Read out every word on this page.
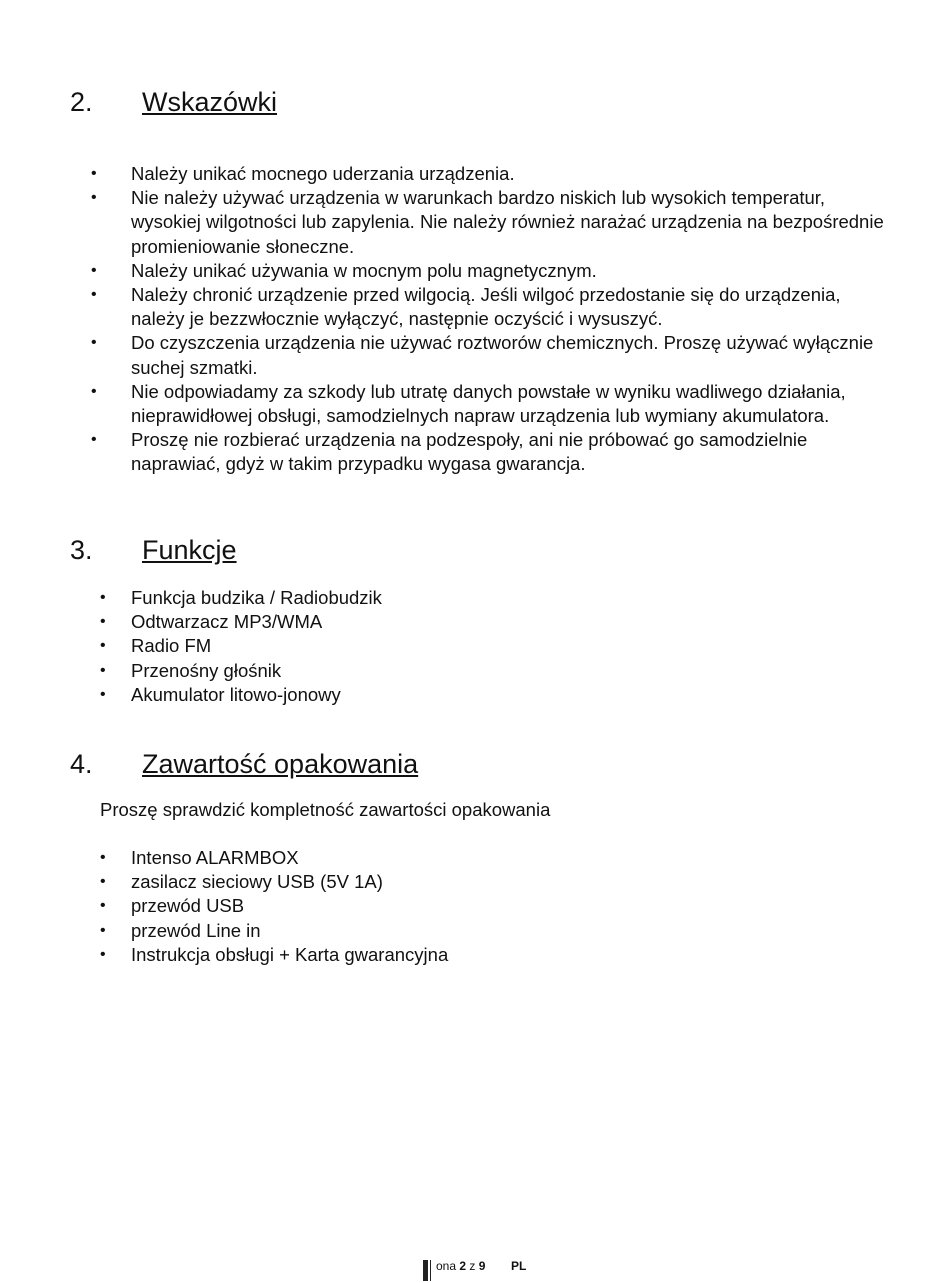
2. Wskazówki
• Należy unikać mocnego uderzania urządzenia.
• Nie należy używać urządzenia w warunkach bardzo niskich lub wysokich temperatur, wysokiej wilgotności lub zapylenia. Nie należy również narażać urządzenia na bezpośrednie promieniowanie słoneczne.
• Należy unikać używania w mocnym polu magnetycznym.
• Należy chronić urządzenie przed wilgocią. Jeśli wilgoć przedostanie się do urządzenia, należy je bezzwłocznie wyłączyć, następnie oczyścić i wysuszyć.
• Do czyszczenia urządzenia nie używać roztworów chemicznych. Proszę używać wyłącznie suchej szmatki.
• Nie odpowiadamy za szkody lub utratę danych powstałe w wyniku wadliwego działania, nieprawidłowej obsługi, samodzielnych napraw urządzenia lub wymiany akumulatora.
• Proszę nie rozbierać urządzenia na podzespoły, ani nie próbować go samodzielnie naprawiać, gdyż w takim przypadku wygasa gwarancja.
3. Funkcje
• Funkcja budzika / Radiobudzik
• Odtwarzacz MP3/WMA
• Radio FM
• Przenośny głośnik
• Akumulator litowo-jonowy
4. Zawartość opakowania

Proszę sprawdzić kompletność zawartości opakowania

• Intenso ALARMBOX
• zasilacz sieciowy USB (5V 1A)
• przewód USB
• przewód Line in
• Instrukcja obsługi + Karta gwarancyjna
ona 2 z 9 PL
